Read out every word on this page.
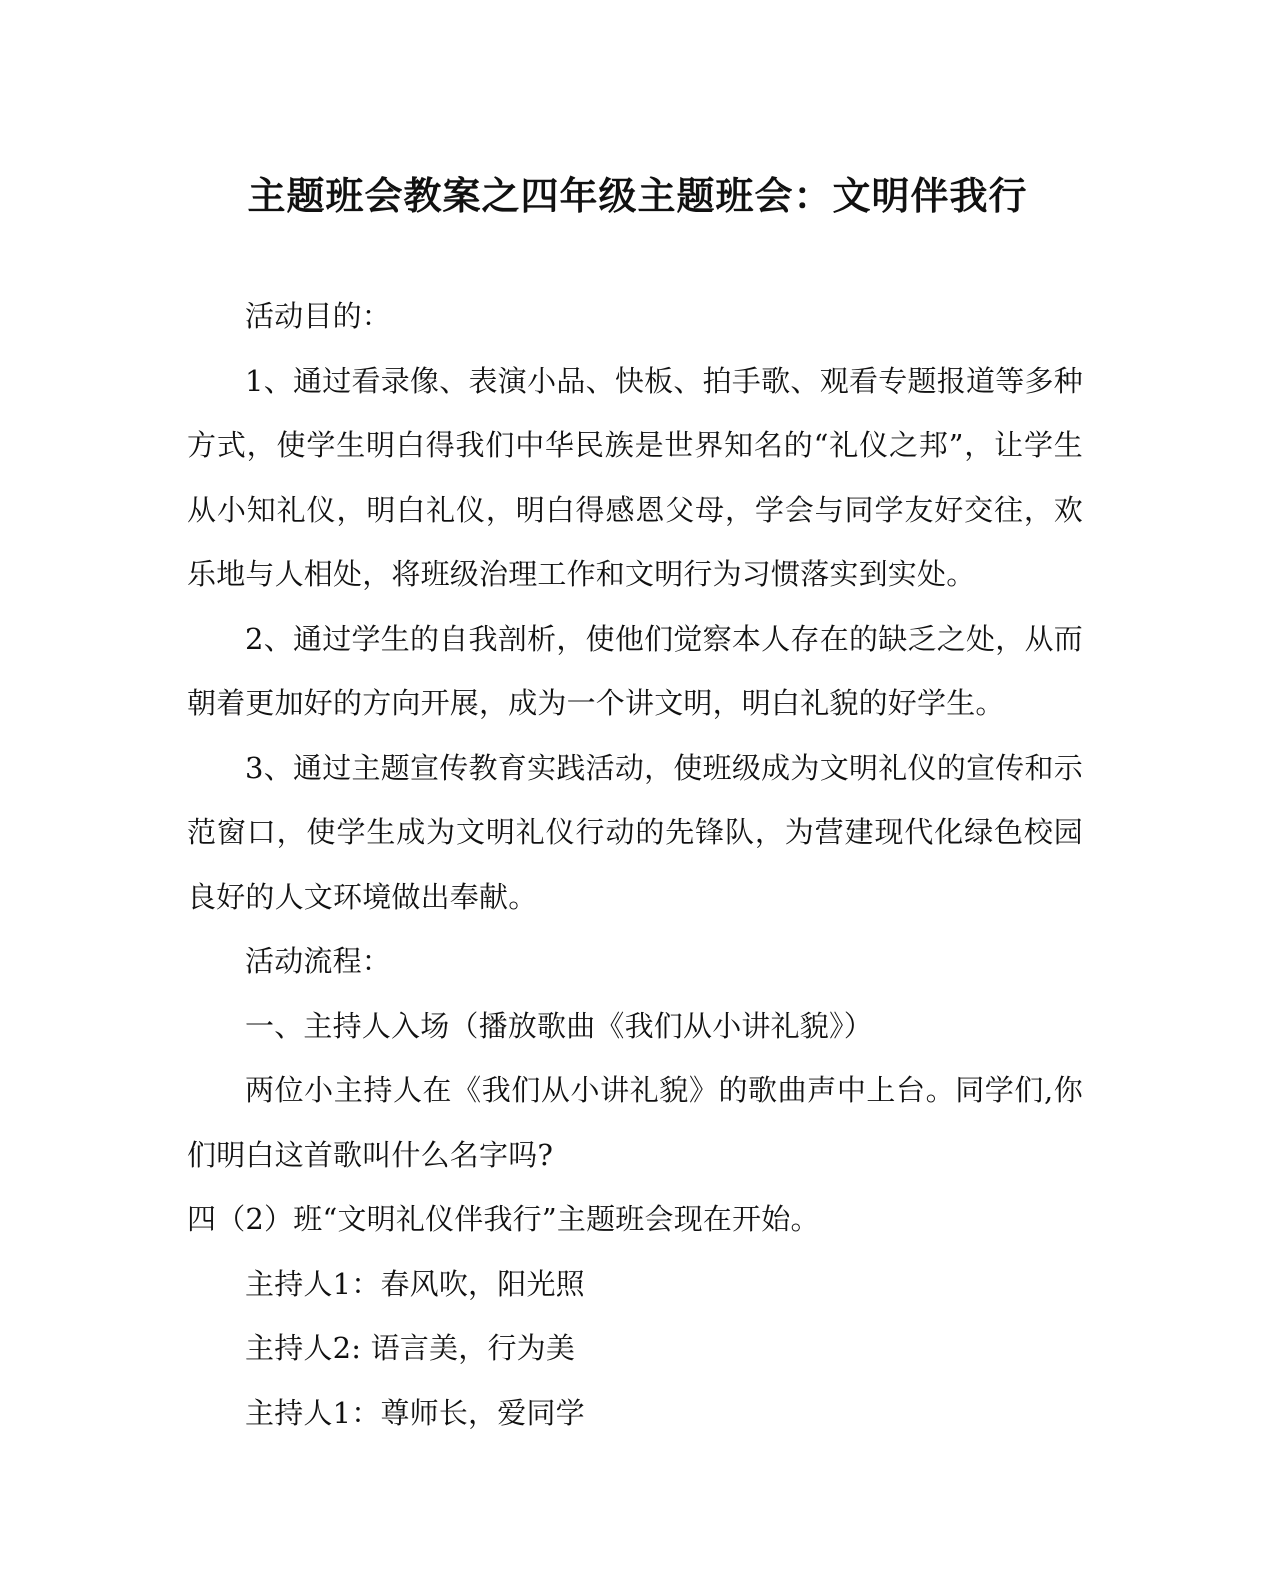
主题班会教案之四年级主题班会：文明伴我行

活动目的：

1、通过看录像、表演小品、快板、拍手歌、观看专题报道等多种方式，使学生明白得我们中华民族是世界知名的“礼仪之邦”，让学生从小知礼仪，明白礼仪，明白得感恩父母，学会与同学友好交往，欢乐地与人相处，将班级治理工作和文明行为习惯落实到实处。

2、通过学生的自我剖析，使他们觉察本人存在的缺乏之处，从而朝着更加好的方向开展，成为一个讲文明，明白礼貌的好学生。

3、通过主题宣传教育实践活动，使班级成为文明礼仪的宣传和示范窗口，使学生成为文明礼仪行动的先锋队，为营建现代化绿色校园良好的人文环境做出奉献。

活动流程：

一、主持人入场（播放歌曲《我们从小讲礼貌》）

两位小主持人在《我们从小讲礼貌》的歌曲声中上台。同学们,你们明白这首歌叫什么名字吗?

四（2）班“文明礼仪伴我行”主题班会现在开始。

主持人1：春风吹，阳光照

主持人2: 语言美，行为美

主持人1：尊师长，爱同学
